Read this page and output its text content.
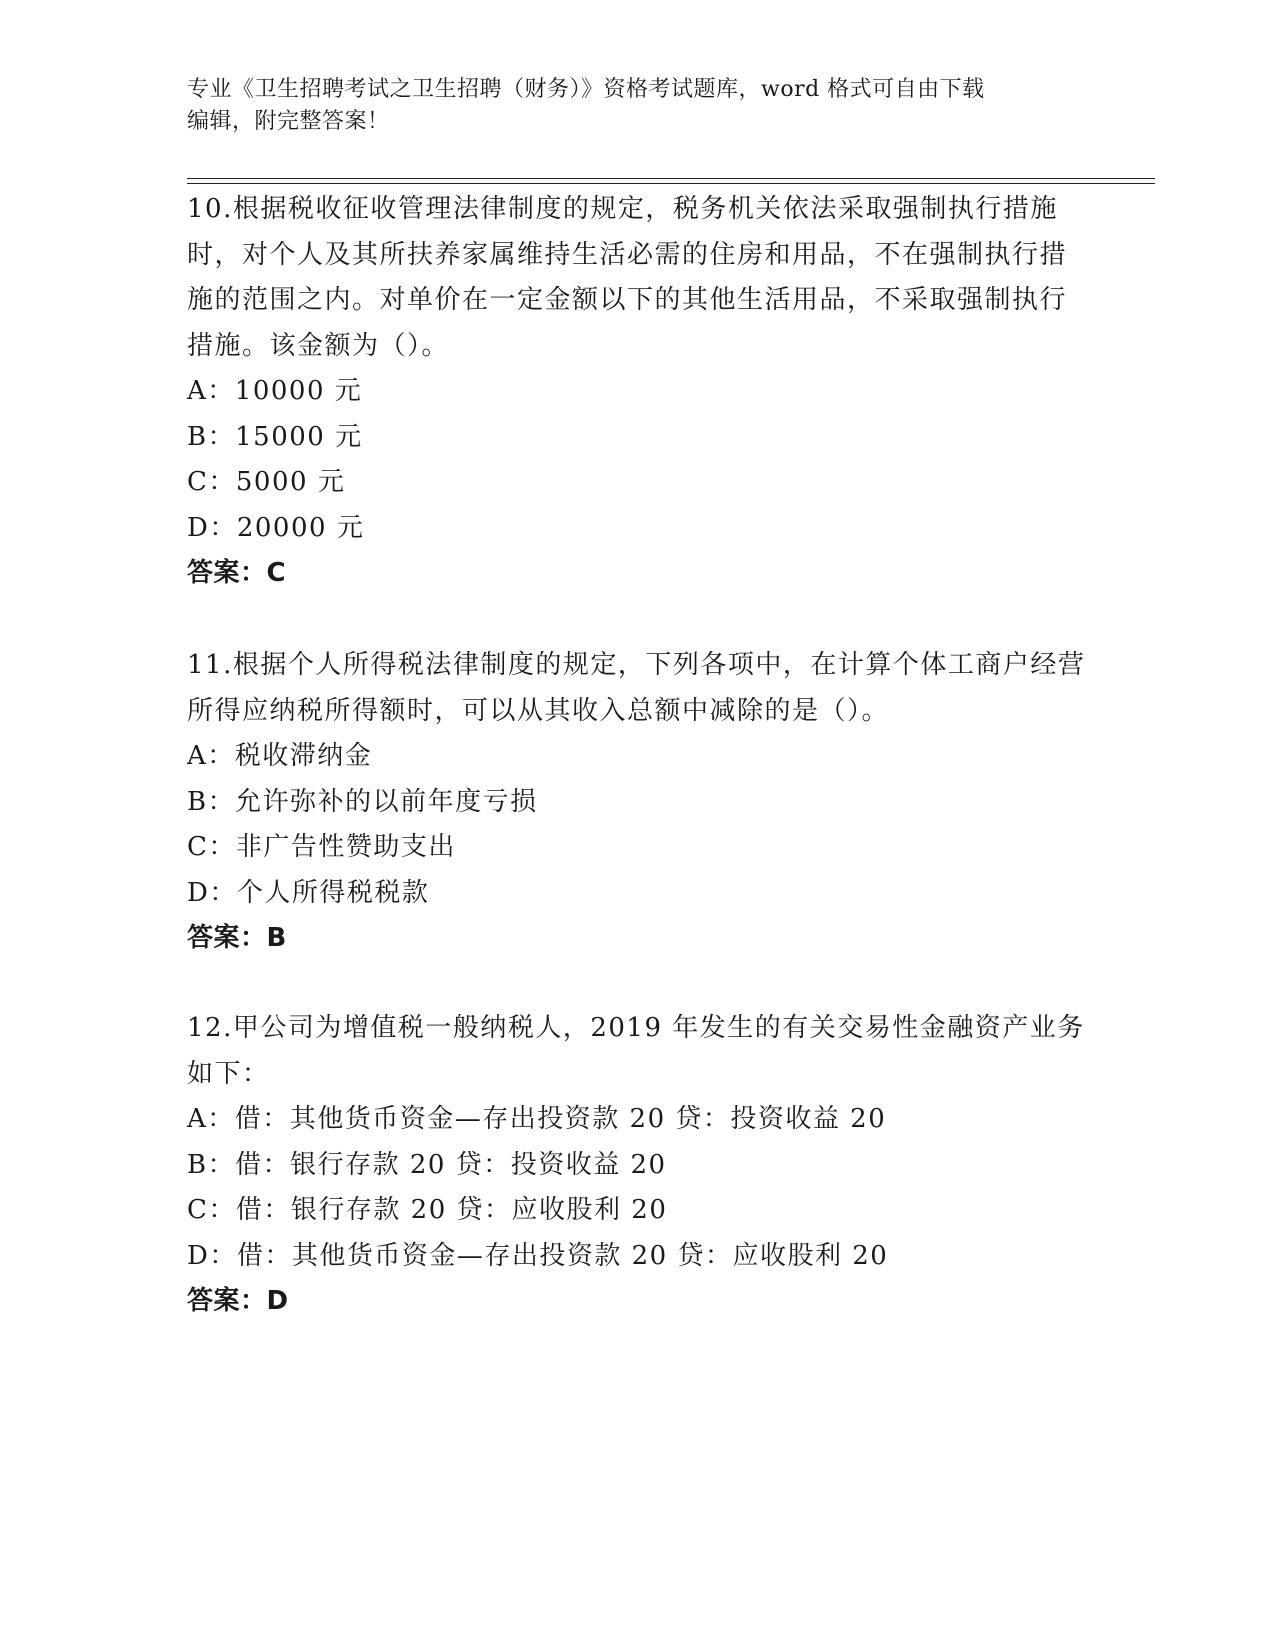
专业《卫生招聘考试之卫生招聘（财务）》资格考试题库，word 格式可自由下载
编辑，附完整答案！

10.根据税收征收管理法律制度的规定，税务机关依法采取强制执行措施时，对个人及其所扶养家属维持生活必需的住房和用品，不在强制执行措施的范围之内。对单价在一定金额以下的其他生活用品，不采取强制执行措施。该金额为（）。

A：10000 元
B：15000 元
C：5000 元
D：20000 元
答案：C

11.根据个人所得税法律制度的规定，下列各项中，在计算个体工商户经营所得应纳税所得额时，可以从其收入总额中减除的是（）。

A：税收滞纳金
B：允许弥补的以前年度亏损
C：非广告性赞助支出
D：个人所得税税款
答案：B

12.甲公司为增值税一般纳税人，2019 年发生的有关交易性金融资产业务如下：

A：借：其他货币资金—存出投资款 20 贷：投资收益 20
B：借：银行存款 20 贷：投资收益 20
C：借：银行存款 20 贷：应收股利 20
D：借：其他货币资金—存出投资款 20 贷：应收股利 20
答案：D
